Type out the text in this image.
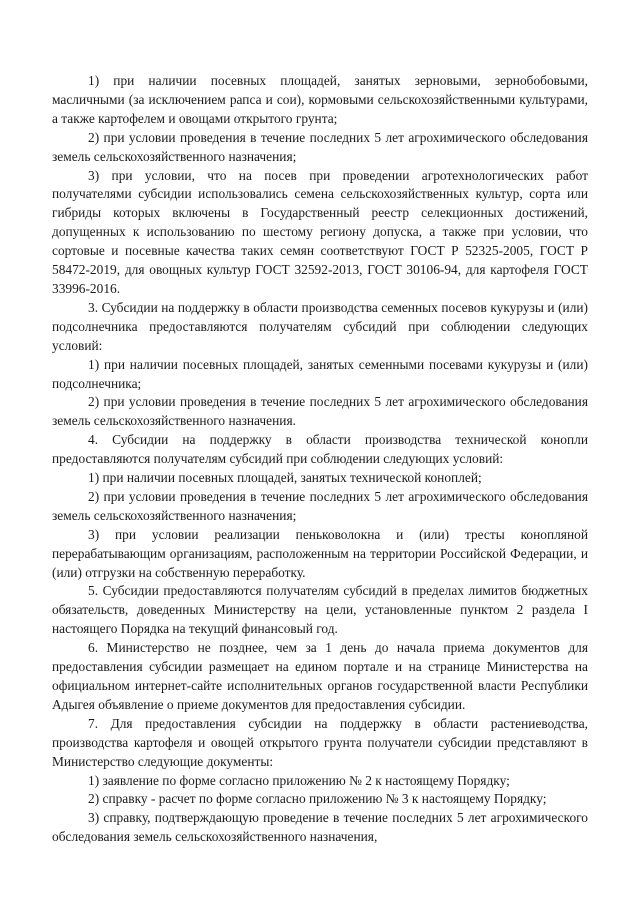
1) при наличии посевных площадей, занятых зерновыми, зернобобовыми, масличными (за исключением рапса и сои), кормовыми сельскохозяйственными культурами, а также картофелем и овощами открытого грунта;

2) при условии проведения в течение последних 5 лет агрохимического обследования земель сельскохозяйственного назначения;

3) при условии, что на посев при проведении агротехнологических работ получателями субсидии использовались семена сельскохозяйственных культур, сорта или гибриды которых включены в Государственный реестр селекционных достижений, допущенных к использованию по шестому региону допуска, а также при условии, что сортовые и посевные качества таких семян соответствуют ГОСТ Р 52325-2005, ГОСТ Р 58472-2019, для овощных культур ГОСТ 32592-2013, ГОСТ 30106-94, для картофеля ГОСТ 33996-2016.

3. Субсидии на поддержку в области производства семенных посевов кукурузы и (или) подсолнечника предоставляются получателям субсидий при соблюдении следующих условий:

1) при наличии посевных площадей, занятых семенными посевами кукурузы и (или) подсолнечника;

2) при условии проведения в течение последних 5 лет агрохимического обследования земель сельскохозяйственного назначения.

4. Субсидии на поддержку в области производства технической конопли предоставляются получателям субсидий при соблюдении следующих условий:

1) при наличии посевных площадей, занятых технической коноплей;

2) при условии проведения в течение последних 5 лет агрохимического обследования земель сельскохозяйственного назначения;

3) при условии реализации пеньковолокна и (или) тресты конопляной перерабатывающим организациям, расположенным на территории Российской Федерации, и (или) отгрузки на собственную переработку.

5. Субсидии предоставляются получателям субсидий в пределах лимитов бюджетных обязательств, доведенных Министерству на цели, установленные пунктом 2 раздела I настоящего Порядка на текущий финансовый год.

6. Министерство не позднее, чем за 1 день до начала приема документов для предоставления субсидии размещает на едином портале и на странице Министерства на официальном интернет-сайте исполнительных органов государственной власти Республики Адыгея объявление о приеме документов для предоставления субсидии.

7. Для предоставления субсидии на поддержку в области растениеводства, производства картофеля и овощей открытого грунта получатели субсидии представляют в Министерство следующие документы:

1) заявление по форме согласно приложению № 2 к настоящему Порядку;

2) справку - расчет по форме согласно приложению № 3 к настоящему Порядку;

3) справку, подтверждающую проведение в течение последних 5 лет агрохимического обследования земель сельскохозяйственного назначения,
